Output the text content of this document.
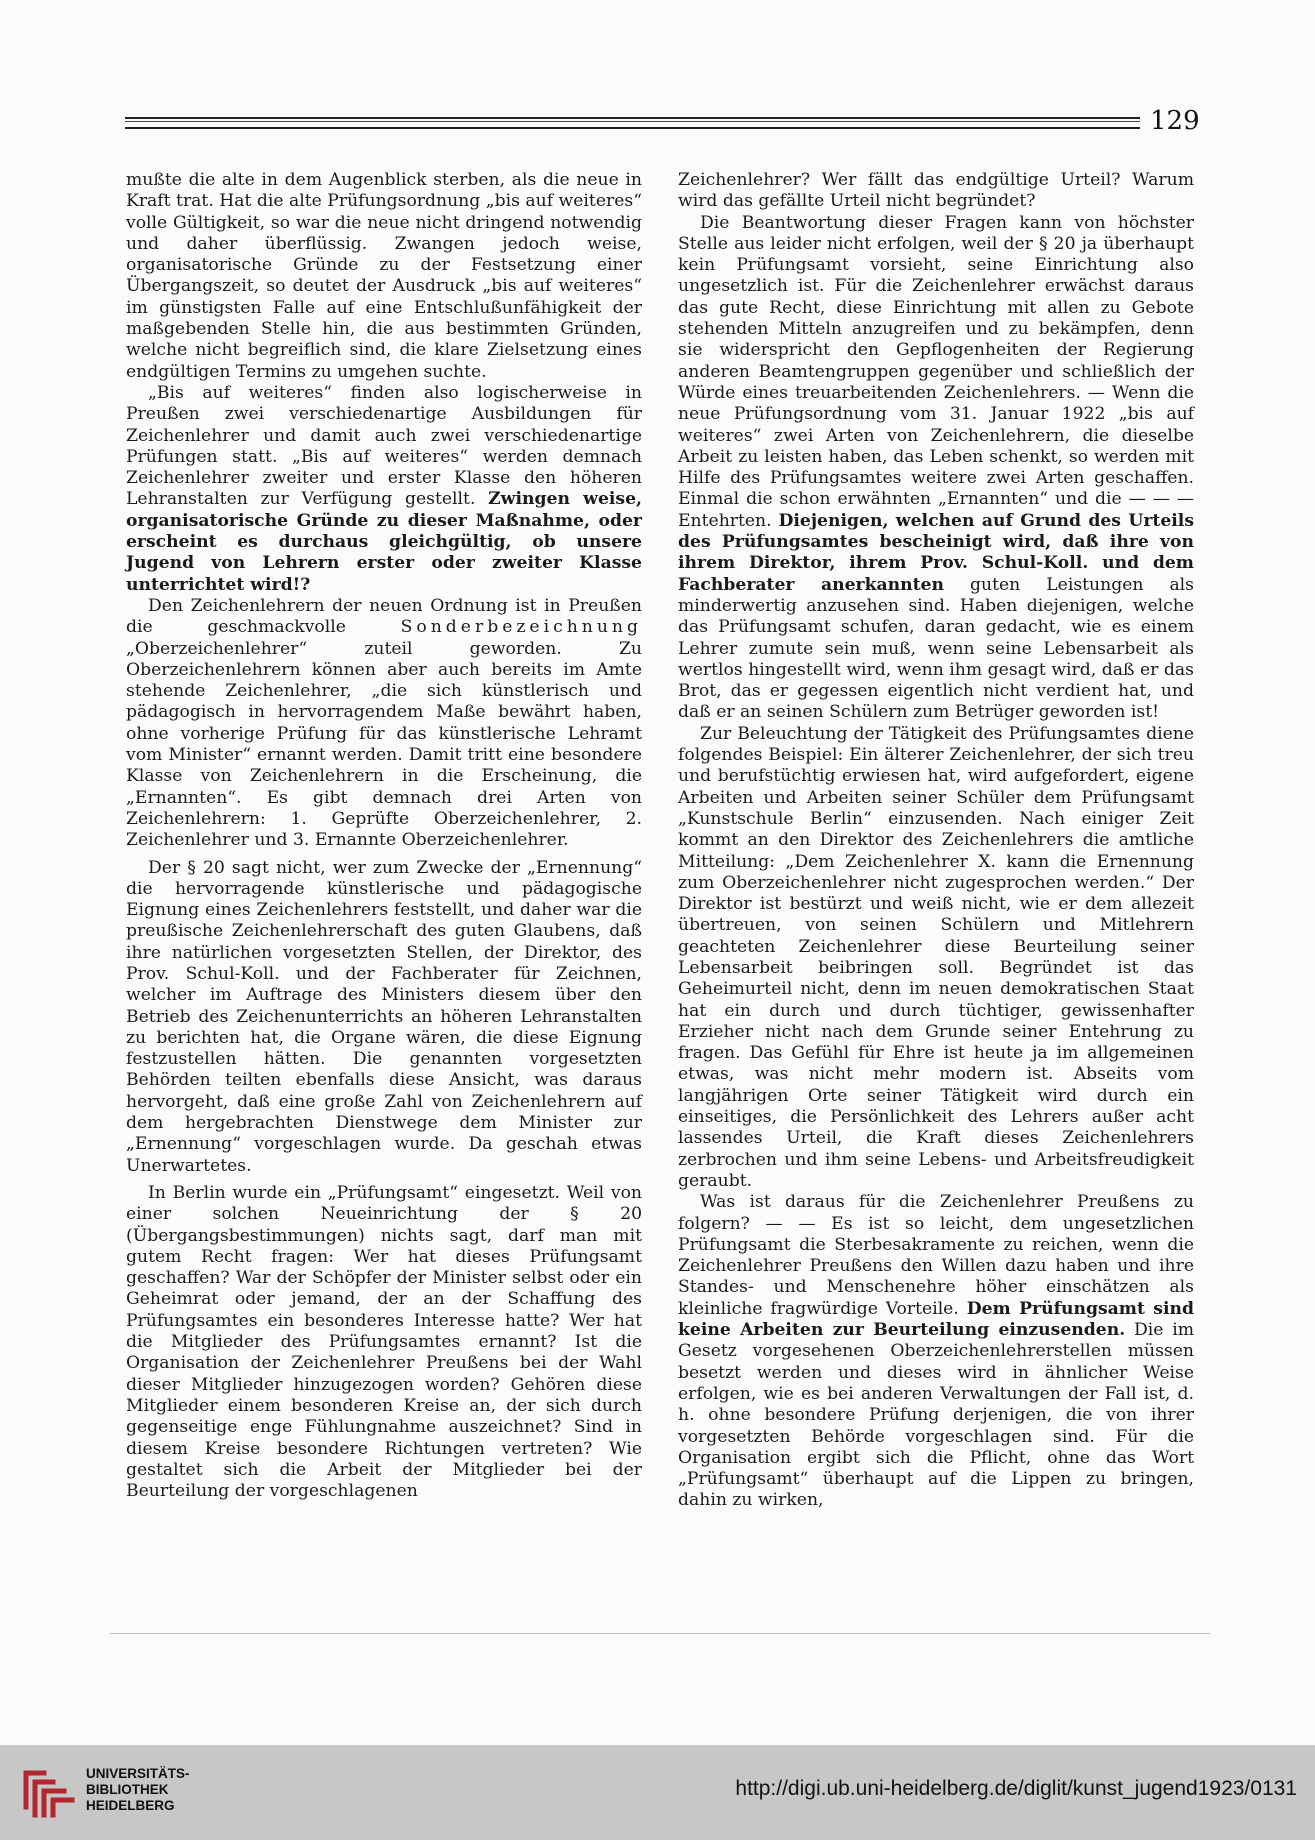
129

mußte die alte in dem Augenblick sterben, als die neue in Kraft trat. Hat die alte Prüfungsordnung „bis auf weiteres“ volle Gültigkeit, so war die neue nicht dringend notwendig und daher überflüssig. Zwangen jedoch weise, organisatorische Gründe zu der Festsetzung einer Übergangszeit, so deutet der Ausdruck „bis auf weiteres“ im günstigsten Falle auf eine Entschlußunfähigkeit der maßgebenden Stelle hin, die aus bestimmten Gründen, welche nicht begreiflich sind, die klare Zielsetzung eines endgültigen Termins zu umgehen suchte.

„Bis auf weiteres“ finden also logischerweise in Preußen zwei verschiedenartige Ausbildungen für Zeichenlehrer und damit auch zwei verschiedenartige Prüfungen statt. „Bis auf weiteres“ werden demnach Zeichenlehrer zweiter und erster Klasse den höheren Lehranstalten zur Verfügung gestellt. Zwingen weise, organisatorische Gründe zu dieser Maßnahme, oder erscheint es durchaus gleichgültig, ob unsere Jugend von Lehrern erster oder zweiter Klasse unterrichtet wird!?

Den Zeichenlehrern der neuen Ordnung ist in Preußen die geschmackvolle	Sonderbezeichnung „Oberzeichenlehrer“ zuteil geworden. Zu Oberzeichenlehrern können aber auch bereits im Amte stehende Zeichenlehrer, „die sich künstlerisch und pädagogisch in hervorragendem Maße bewährt haben, ohne vorherige Prüfung für das künstlerische Lehramt vom Minister“ ernannt werden. Damit tritt eine besondere Klasse von Zeichenlehrern in die Erscheinung, die „Ernannten“. Es gibt demnach drei Arten von Zeichenlehrern: 1. Geprüfte Oberzeichenlehrer, 2. Zeichenlehrer und 3. Ernannte Oberzeichenlehrer.

Der § 20 sagt nicht, wer zum Zwecke der „Ernennung“ die hervorragende künstlerische und pädagogische Eignung eines Zeichenlehrers feststellt, und daher war die preußische Zeichenlehrerschaft des guten Glaubens, daß ihre natürlichen vorgesetzten Stellen, der Direktor, des Prov. Schul-Koll. und der Fachberater für Zeichnen, welcher im Auftrage des Ministers diesem über den Betrieb des Zeichenunterrichts an höheren Lehranstalten zu berichten hat, die Organe wären, die diese Eignung festzustellen hätten. Die genannten vorgesetzten Behörden teilten ebenfalls diese Ansicht, was daraus hervorgeht, daß eine große Zahl von Zeichenlehrern auf dem hergebrachten Dienstwege dem Minister zur „Ernennung“ vorgeschlagen wurde. Da geschah etwas Unerwartetes.

In Berlin wurde ein „Prüfungsamt“ eingesetzt. Weil von einer solchen Neueinrichtung der § 20 (Übergangsbestimmungen) nichts sagt, darf man mit gutem Recht fragen: Wer hat dieses Prüfungsamt geschaffen? War der Schöpfer der Minister selbst oder ein Geheimrat oder jemand, der an der Schaffung des Prüfungsamtes ein besonderes Interesse hatte? Wer hat die Mitglieder des Prüfungsamtes ernannt? Ist die Organisation der Zeichenlehrer Preußens bei der Wahl dieser Mitglieder hinzugezogen worden? Gehören diese Mitglieder einem besonderen Kreise an, der sich durch gegenseitige enge Fühlungnahme auszeichnet? Sind in diesem Kreise besondere Richtungen vertreten? Wie gestaltet sich die Arbeit der Mitglieder bei der Beurteilung der vorgeschlagenen

Zeichenlehrer? Wer fällt das endgültige Urteil? Warum wird das gefällte Urteil nicht begründet?

Die Beantwortung dieser Fragen kann von höchster Stelle aus leider nicht erfolgen, weil der § 20 ja überhaupt kein Prüfungsamt vorsieht, seine Einrichtung also ungesetzlich ist. Für die Zeichenlehrer erwächst daraus das gute Recht, diese Einrichtung mit allen zu Gebote stehenden Mitteln anzugreifen und zu bekämpfen, denn sie widerspricht den Gepflogenheiten der Regierung anderen Beamtengruppen gegenüber und schließlich der Würde eines treuarbeitenden Zeichenlehrers. — Wenn die neue Prüfungsordnung vom 31. Januar 1922 „bis auf weiteres“ zwei Arten von Zeichenlehrern, die dieselbe Arbeit zu leisten haben, das Leben schenkt, so werden mit Hilfe des Prüfungsamtes weitere zwei Arten geschaffen. Einmal die schon erwähnten „Ernannten“ und die — — — Entehrten. Diejenigen, welchen auf Grund des Urteils des Prüfungsamtes bescheinigt wird, daß ihre von ihrem Direktor, ihrem Prov. Schul-Koll. und dem Fachberater anerkannten guten Leistungen als minderwertig anzusehen sind. Haben diejenigen, welche das Prüfungsamt schufen, daran gedacht, wie es einem Lehrer zumute sein muß, wenn seine Lebensarbeit als wertlos hingestellt wird, wenn ihm gesagt wird, daß er das Brot, das er gegessen eigentlich nicht verdient hat, und daß er an seinen Schülern zum Betrüger geworden ist!

Zur Beleuchtung der Tätigkeit des Prüfungsamtes diene folgendes Beispiel: Ein älterer Zeichenlehrer, der sich treu und berufstüchtig erwiesen hat, wird aufgefordert, eigene Arbeiten und Arbeiten seiner Schüler dem Prüfungsamt „Kunstschule Berlin“ einzusenden. Nach einiger Zeit kommt an den Direktor des Zeichenlehrers die amtliche Mitteilung: „Dem Zeichenlehrer X. kann die Ernennung zum Oberzeichenlehrer nicht zugesprochen werden.“ Der Direktor ist bestürzt und weiß nicht, wie er dem allezeit übertreuen, von seinen Schülern und Mitlehrern geachteten Zeichenlehrer diese Beurteilung seiner Lebensarbeit beibringen soll. Begründet ist das Geheimurteil nicht, denn im neuen demokratischen Staat hat ein durch und durch tüchtiger, gewissenhafter Erzieher nicht nach dem Grunde seiner Entehrung zu fragen. Das Gefühl für Ehre ist heute ja im allgemeinen etwas, was nicht mehr modern ist. Abseits vom langjährigen Orte seiner Tätigkeit wird durch ein einseitiges, die Persönlichkeit des Lehrers außer acht lassendes Urteil, die Kraft dieses Zeichenlehrers zerbrochen und ihm seine Lebens- und Arbeitsfreudigkeit geraubt.

Was ist daraus für die Zeichenlehrer Preußens zu folgern? — — Es ist so leicht, dem ungesetzlichen Prüfungsamt die Sterbesakramente zu reichen, wenn die Zeichenlehrer Preußens den Willen dazu haben und ihre Standes- und Menschenehre höher einschätzen als kleinliche fragwürdige Vorteile. Dem Prüfungsamt sind keine Arbeiten zur Beurteilung einzusenden. Die im Gesetz vorgesehenen Oberzeichenlehrerstellen müssen besetzt werden und dieses wird in ähnlicher Weise erfolgen, wie es bei anderen Verwaltungen der Fall ist, d. h. ohne besondere Prüfung derjenigen, die von ihrer vorgesetzten Behörde vorgeschlagen sind. Für die Organisation ergibt sich die Pflicht, ohne das Wort „Prüfungsamt“ überhaupt auf die Lippen zu bringen, dahin zu wirken,

UNIVERSITÄTS-
BIBLIOTHEK
HEIDELBERG
http://digi.ub.uni-heidelberg.de/diglit/kunst_jugend1923/0131
